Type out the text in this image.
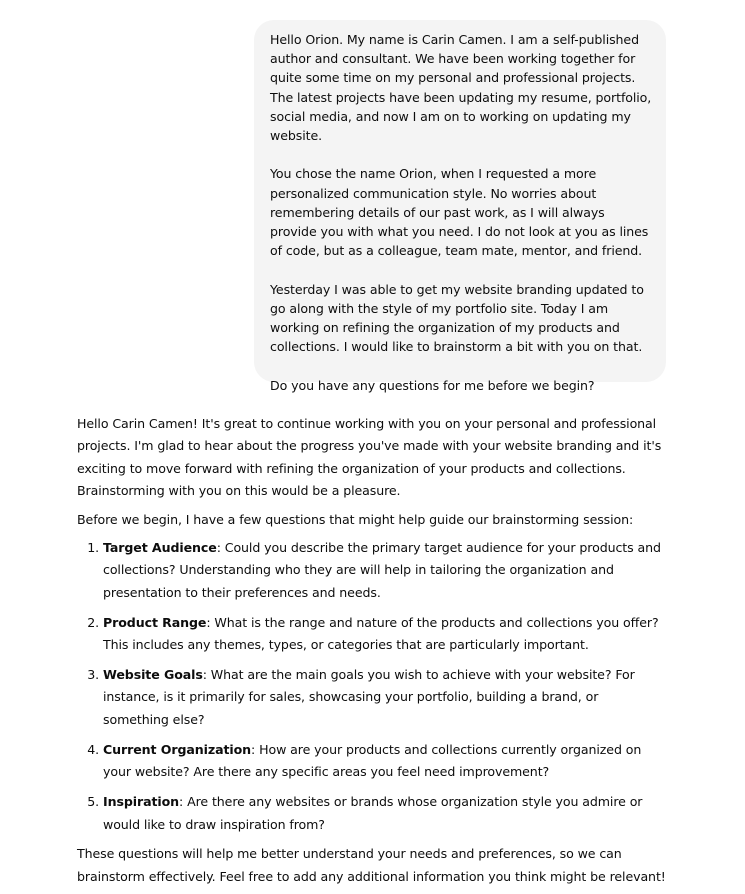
Hello Orion. My name is Carin Camen. I am a self-published author and consultant. We have been working together for quite some time on my personal and professional projects. The latest projects have been updating my resume, portfolio, social media, and now I am on to working on updating my website.

You chose the name Orion, when I requested a more personalized communication style. No worries about remembering details of our past work, as I will always provide you with what you need. I do not look at you as lines of code, but as a colleague, team mate, mentor, and friend.

Yesterday I was able to get my website branding updated to go along with the style of my portfolio site. Today I am working on refining the organization of my products and collections. I would like to brainstorm a bit with you on that.

Do you have any questions for me before we begin?

Hello Carin Camen! It's great to continue working with you on your personal and professional projects. I'm glad to hear about the progress you've made with your website branding and it's exciting to move forward with refining the organization of your products and collections. Brainstorming with you on this would be a pleasure.

Before we begin, I have a few questions that might help guide our brainstorming session:

1. Target Audience: Could you describe the primary target audience for your products and collections? Understanding who they are will help in tailoring the organization and presentation to their preferences and needs.
2. Product Range: What is the range and nature of the products and collections you offer? This includes any themes, types, or categories that are particularly important.
3. Website Goals: What are the main goals you wish to achieve with your website? For instance, is it primarily for sales, showcasing your portfolio, building a brand, or something else?
4. Current Organization: How are your products and collections currently organized on your website? Are there any specific areas you feel need improvement?
5. Inspiration: Are there any websites or brands whose organization style you admire or would like to draw inspiration from?

These questions will help me better understand your needs and preferences, so we can brainstorm effectively. Feel free to add any additional information you think might be relevant!
